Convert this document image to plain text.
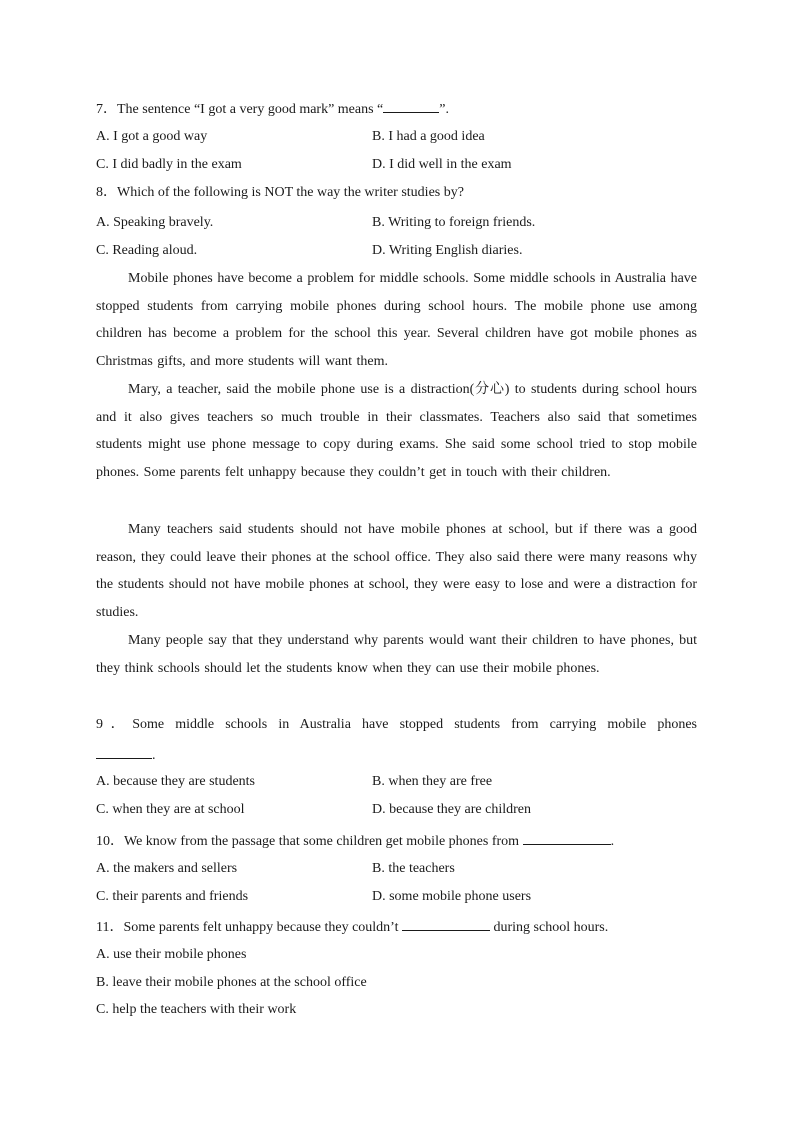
7．The sentence “I got a very good mark” means “	”.
A. I got a good way	B. I had a good idea
C. I did badly in the exam	D. I did well in the exam
8．Which of the following is NOT the way the writer studies by?
A. Speaking bravely.	B. Writing to foreign friends.
C. Reading aloud.	D. Writing English diaries.
Mobile phones have become a problem for middle schools. Some middle schools in Australia have stopped students from carrying mobile phones during school hours. The mobile phone use among children has become a problem for the school this year. Several children have got mobile phones as Christmas gifts, and more students will want them.
Mary, a teacher, said the mobile phone use is a distraction(分心) to students during school hours and it also gives teachers so much trouble in their classmates. Teachers also said that sometimes students might use phone message to copy during exams. She said some school tried to stop mobile phones. Some parents felt unhappy because they couldn’t get in touch with their children.
Many teachers said students should not have mobile phones at school, but if there was a good reason, they could leave their phones at the school office. They also said there were many reasons why the students should not have mobile phones at school, they were easy to lose and were a distraction for studies.
Many people say that they understand why parents would want their children to have phones, but they think schools should let the students know when they can use their mobile phones.
9．Some middle schools in Australia have stopped students from carrying mobile phones
.
A. because they are students	B. when they are free
C. when they are at school	D. because they are children
10．We know from the passage that some children get mobile phones from	.
A. the makers and sellers	B. the teachers
C. their parents and friends	D. some mobile phone users
11．Some parents felt unhappy because they couldn’t	during school hours.
A. use their mobile phones
B. leave their mobile phones at the school office
C. help the teachers with their work
